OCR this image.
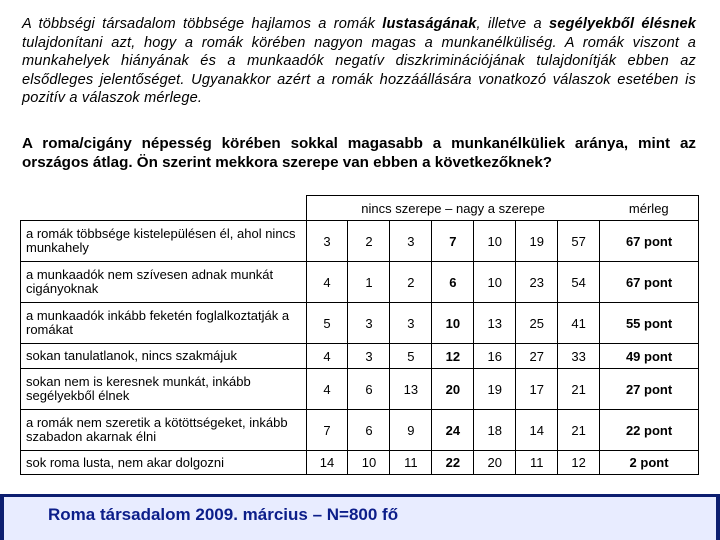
A többségi társadalom többsége hajlamos a romák lustaságának, illetve a segélyekből élésnek tulajdonítani azt, hogy a romák körében nagyon magas a munkanélküliség. A romák viszont a munkahelyek hiányának és a munkaadók negatív diszkriminációjának tulajdonítják ebben az elsődleges jelentőséget. Ugyanakkor azért a romák hozzáállására vonatkozó válaszok esetében is pozitív a válaszok mérlege.
A roma/cigány népesség körében sokkal magasabb a munkanélküliek aránya, mint az országos átlag. Ön szerint mekkora szerepe van ebben a következőknek?
	nincs szerepe – nagy a szerepe							mérleg
a romák többsége kistelepülésen él, ahol nincs munkahely	3	2	3	7	10	19	57	67 pont
a munkaadók nem szívesen adnak munkát cigányoknak	4	1	2	6	10	23	54	67 pont
a munkaadók inkább feketén foglalkoztatják a romákat	5	3	3	10	13	25	41	55 pont
sokan tanulatlanok, nincs szakmájuk	4	3	5	12	16	27	33	49 pont
sokan nem is keresnek munkát, inkább segélyekből élnek	4	6	13	20	19	17	21	27 pont
a romák nem szeretik a kötöttségeket, inkább szabadon akarnak élni	7	6	9	24	18	14	21	22 pont
sok roma lusta, nem akar dolgozni	14	10	11	22	20	11	12	2 pont
Roma társadalom 2009. március – N=800 fő
